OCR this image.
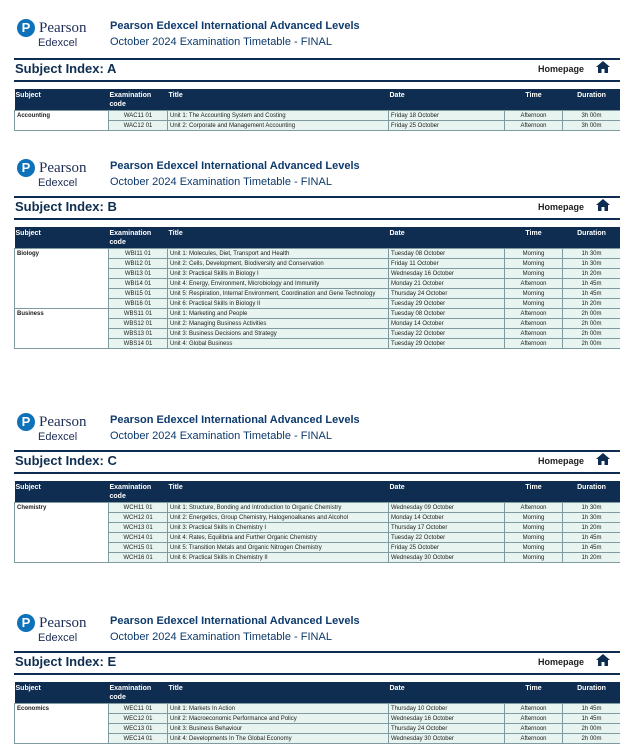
P Pearson
Edexcel
Pearson Edexcel International Advanced Levels
October 2024 Examination Timetable - FINAL
Subject Index: A	Homepage
Subject	Examination code	Title	Date	Time	Duration
Accounting	WAC11 01	Unit 1: The Accounting System and Costing	Friday 18 October	Afternoon	3h 00m
	WAC12 01	Unit 2: Corporate and Management Accounting	Friday 25 October	Afternoon	3h 00m
P Pearson
Edexcel
Pearson Edexcel International Advanced Levels
October 2024 Examination Timetable - FINAL
Subject Index: B	Homepage
Subject	Examination code	Title	Date	Time	Duration
Biology	WBI11 01	Unit 1: Molecules, Diet, Transport and Health	Tuesday 08 October	Morning	1h 30m
	WBI12 01	Unit 2: Cells, Development, Biodiversity and Conservation	Friday 11 October	Morning	1h 30m
	WBI13 01	Unit 3: Practical Skills in Biology I	Wednesday 16 October	Morning	1h 20m
	WBI14 01	Unit 4: Energy, Environment, Microbiology and Immunity	Monday 21 October	Afternoon	1h 45m
	WBI15 01	Unit 5: Respiration, Internal Environment, Coordination and Gene Technology	Thursday 24 October	Morning	1h 45m
	WBI16 01	Unit 6: Practical Skills in Biology II	Tuesday 29 October	Morning	1h 20m
Business	WBS11 01	Unit 1: Marketing and People	Tuesday 08 October	Afternoon	2h 00m
	WBS12 01	Unit 2: Managing Business Activities	Monday 14 October	Afternoon	2h 00m
	WBS13 01	Unit 3: Business Decisions and Strategy	Tuesday 22 October	Afternoon	2h 00m
	WBS14 01	Unit 4: Global Business	Tuesday 29 October	Afternoon	2h 00m
P Pearson
Edexcel
Pearson Edexcel International Advanced Levels
October 2024 Examination Timetable - FINAL
Subject Index: C	Homepage
Subject	Examination code	Title	Date	Time	Duration
Chemistry	WCH11 01	Unit 1: Structure, Bonding and Introduction to Organic Chemistry	Wednesday 09 October	Afternoon	1h 30m
	WCH12 01	Unit 2: Energetics, Group Chemistry, Halogenoalkanes and Alcohol	Monday 14 October	Morning	1h 30m
	WCH13 01	Unit 3: Practical Skills in Chemistry I	Thursday 17 October	Morning	1h 20m
	WCH14 01	Unit 4: Rates, Equilibria and Further Organic Chemistry	Tuesday 22 October	Morning	1h 45m
	WCH15 01	Unit 5: Transition Metals and Organic Nitrogen Chemistry	Friday 25 October	Morning	1h 45m
	WCH16 01	Unit 6: Practical Skills in Chemistry II	Wednesday 30 October	Morning	1h 20m
P Pearson
Edexcel
Pearson Edexcel International Advanced Levels
October 2024 Examination Timetable - FINAL
Subject Index: E	Homepage
Subject	Examination code	Title	Date	Time	Duration
Economics	WEC11 01	Unit 1: Markets In Action	Thursday 10 October	Afternoon	1h 45m
	WEC12 01	Unit 2: Macroeconomic Performance and Policy	Wednesday 16 October	Afternoon	1h 45m
	WEC13 01	Unit 3: Business Behaviour	Thursday 24 October	Afternoon	2h 00m
	WEC14 01	Unit 4: Developments In The Global Economy	Wednesday 30 October	Afternoon	2h 00m
